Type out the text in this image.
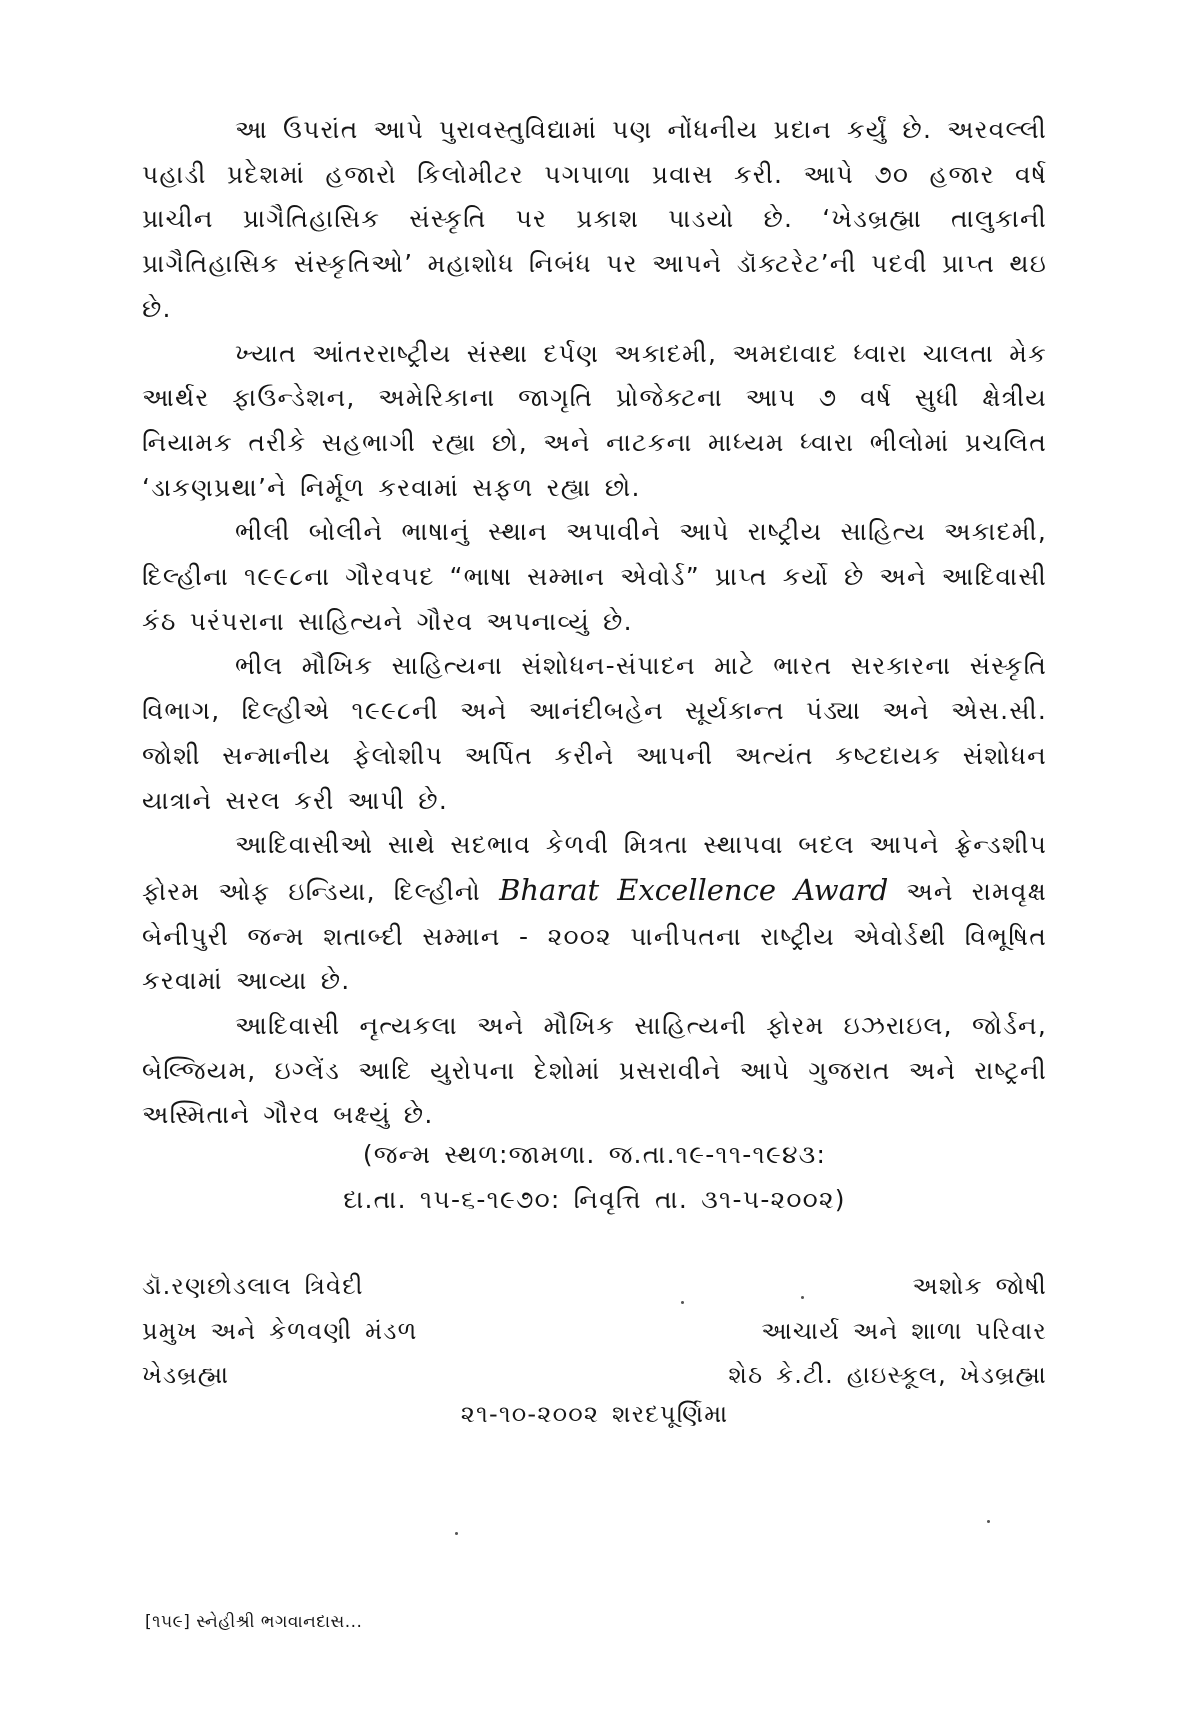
આ ઉપરાંત આપે પુરાવસ્તુવિદ્યામાં પણ નોંધનીય પ્રદાન કર્યું છે. અરવલ્લી પહાડી પ્રદેશમાં હજારો કિલોમીટર પગપાળા પ્રવાસ કરી. આપે ૭૦ હજાર વર્ષ પ્રાચીન પ્રાગૈતિહાસિક સંસ્કૃતિ પર પ્રકાશ પાડયો છે. ‘ખેડબ્રહ્મા તાલુકાની પ્રાગૈતિહાસિક સંસ્કૃતિઓ’ મહાશોધ નિબંધ પર આપને ડૉક્ટરેટ’ની પદવી પ્રાપ્ત થઇ છે.

ખ્યાત આંતરરાષ્ટ્રીય સંસ્થા દર્પણ અકાદમી, અમદાવાદ ધ્વારા ચાલતા મેક આર્થર ફાઉન્ડેશન, અમેરિકાના જાગૃતિ પ્રોજેક્ટના આપ ૭ વર્ષ સુધી ક્ષેત્રીય નિયામક તરીકે સહભાગી રહ્યા છો, અને નાટકના માધ્યમ ધ્વારા ભીલોમાં પ્રચલિત ‘ડાકણપ્રથા’ને નિર્મૂળ કરવામાં સફળ રહ્યા છો.

ભીલી બોલીને ભાષાનું સ્થાન અપાવીને આપે રાષ્ટ્રીય સાહિત્ય અકાદમી, દિલ્હીના ૧૯૯૮ના ગૌરવપદ “ભાષા સમ્માન એવોર્ડ” પ્રાપ્ત કર્યો છે અને આદિવાસી કંઠ પરંપરાના સાહિત્યને ગૌરવ અપનાવ્યું છે.

ભીલ મૌખિક સાહિત્યના સંશોધન-સંપાદન માટે ભારત સરકારના સંસ્કૃતિ વિભાગ, દિલ્હીએ ૧૯૯૮ની અને આનંદીબહેન સૂર્યકાન્ત પંડ્યા અને એસ.સી. જોશી સન્માનીય ફેલોશીપ અર્પિત કરીને આપની અત્યંત કષ્ટદાયક સંશોધન યાત્રાને સરલ કરી આપી છે.

આદિવાસીઓ સાથે સદભાવ કેળવી મિત્રતા સ્થાપવા બદલ આપને ફ્રેન્ડશીપ ફોરમ ઓફ ઇન્ડિયા, દિલ્હીનો Bharat Excellence Award અને રામવૃક્ષ બેનીપુરી જન્મ શતાબ્દી સમ્માન - ૨૦૦૨ પાનીપતના રાષ્ટ્રીય એવોર્ડથી વિભૂષિત કરવામાં આવ્યા છે.

આદિવાસી નૃત્યકલા અને મૌખિક સાહિત્યની ફોરમ ઇઝરાઇલ, જોર્ડન, બેલ્જિયમ, ઇગ્લેંડ આદિ યુરોપના દેશોમાં પ્રસરાવીને આપે ગુજરાત અને રાષ્ટ્રની અસ્મિતાને ગૌરવ બક્ષ્યું છે.

(જન્મ સ્થળ:જામળા. જ.તા.૧૯-૧૧-૧૯૪૩:
દા.તા. ૧૫-૬-૧૯૭૦: નિવૃત્તિ તા. ૩૧-૫-૨૦૦૨)
ડૉ.રણછોડલાલ ત્રિવેદી
પ્રમુખ અને કેળવણી મંડળ
ખેડબ્રહ્મા
અશોક જોષી
આચાર્ય અને શાળા પરિવાર
શેઠ કે.ટી. હાઇસ્કૂલ, ખેડબ્રહ્મા
૨૧-૧૦-૨૦૦૨ શરદપૂર્ણિમા
[૧૫૯] સ્નેહીશ્રી ભગવાનદાસ...
